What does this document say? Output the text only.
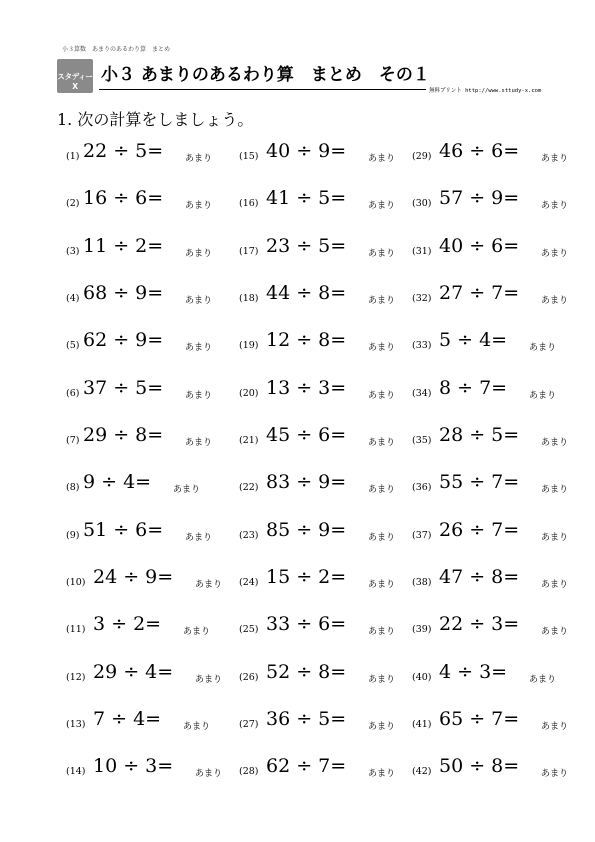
小３算数　あまりのあるわり算　まとめ
スタディーX
小３ あまりのあるわり算　まとめ　その１
無料プリント http://www.sttudy-x.com
1. 次の計算をしましょう。
(1) 22 ÷ 5= あまり
(2) 16 ÷ 6= あまり
(3) 11 ÷ 2= あまり
(4) 68 ÷ 9= あまり
(5) 62 ÷ 9= あまり
(6) 37 ÷ 5= あまり
(7) 29 ÷ 8= あまり
(8) 9 ÷ 4= あまり
(9) 51 ÷ 6= あまり
(10) 24 ÷ 9= あまり
(11) 3 ÷ 2= あまり
(12) 29 ÷ 4= あまり
(13) 7 ÷ 4= あまり
(14) 10 ÷ 3= あまり
(15) 40 ÷ 9= あまり
(16) 41 ÷ 5= あまり
(17) 23 ÷ 5= あまり
(18) 44 ÷ 8= あまり
(19) 12 ÷ 8= あまり
(20) 13 ÷ 3= あまり
(21) 45 ÷ 6= あまり
(22) 83 ÷ 9= あまり
(23) 85 ÷ 9= あまり
(24) 15 ÷ 2= あまり
(25) 33 ÷ 6= あまり
(26) 52 ÷ 8= あまり
(27) 36 ÷ 5= あまり
(28) 62 ÷ 7= あまり
(29) 46 ÷ 6= あまり
(30) 57 ÷ 9= あまり
(31) 40 ÷ 6= あまり
(32) 27 ÷ 7= あまり
(33) 5 ÷ 4= あまり
(34) 8 ÷ 7= あまり
(35) 28 ÷ 5= あまり
(36) 55 ÷ 7= あまり
(37) 26 ÷ 7= あまり
(38) 47 ÷ 8= あまり
(39) 22 ÷ 3= あまり
(40) 4 ÷ 3= あまり
(41) 65 ÷ 7= あまり
(42) 50 ÷ 8= あまり
